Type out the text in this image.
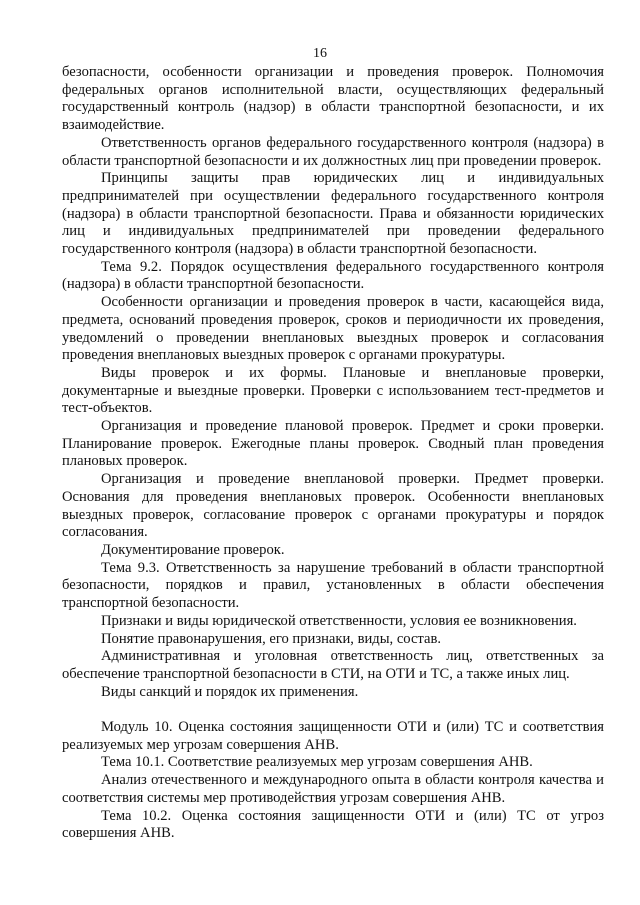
16

безопасности, особенности организации и проведения проверок. Полномочия федеральных органов исполнительной власти, осуществляющих федеральный государственный контроль (надзор) в области транспортной безопасности, и их взаимодействие.

Ответственность органов федерального государственного контроля (надзора) в области транспортной безопасности и их должностных лиц при проведении проверок.

Принципы защиты прав юридических лиц и индивидуальных предпринимателей при осуществлении федерального государственного контроля (надзора) в области транспортной безопасности. Права и обязанности юридических лиц и индивидуальных предпринимателей при проведении федерального государственного контроля (надзора) в области транспортной безопасности.

Тема 9.2. Порядок осуществления федерального государственного контроля (надзора) в области транспортной безопасности.

Особенности организации и проведения проверок в части, касающейся вида, предмета, оснований проведения проверок, сроков и периодичности их проведения, уведомлений о проведении внеплановых выездных проверок и согласования проведения внеплановых выездных проверок с органами прокуратуры.

Виды проверок и их формы. Плановые и внеплановые проверки, документарные и выездные проверки. Проверки с использованием тест-предметов и тест-объектов.

Организация и проведение плановой проверок. Предмет и сроки проверки. Планирование проверок. Ежегодные планы проверок. Сводный план проведения плановых проверок.

Организация и проведение внеплановой проверки. Предмет проверки. Основания для проведения внеплановых проверок. Особенности внеплановых выездных проверок, согласование проверок с органами прокуратуры и порядок согласования.

Документирование проверок.

Тема 9.3. Ответственность за нарушение требований в области транспортной безопасности, порядков и правил, установленных в области обеспечения транспортной безопасности.

Признаки и виды юридической ответственности, условия ее возникновения.

Понятие правонарушения, его признаки, виды, состав.

Административная и уголовная ответственность лиц, ответственных за обеспечение транспортной безопасности в СТИ, на ОТИ и ТС, а также иных лиц.

Виды санкций и порядок их применения.

Модуль 10. Оценка состояния защищенности ОТИ и (или) ТС и соответствия реализуемых мер угрозам совершения АНВ.

Тема 10.1. Соответствие реализуемых мер угрозам совершения АНВ.

Анализ отечественного и международного опыта в области контроля качества и соответствия системы мер противодействия угрозам совершения АНВ.

Тема 10.2. Оценка состояния защищенности ОТИ и (или) ТС от угроз совершения АНВ.
